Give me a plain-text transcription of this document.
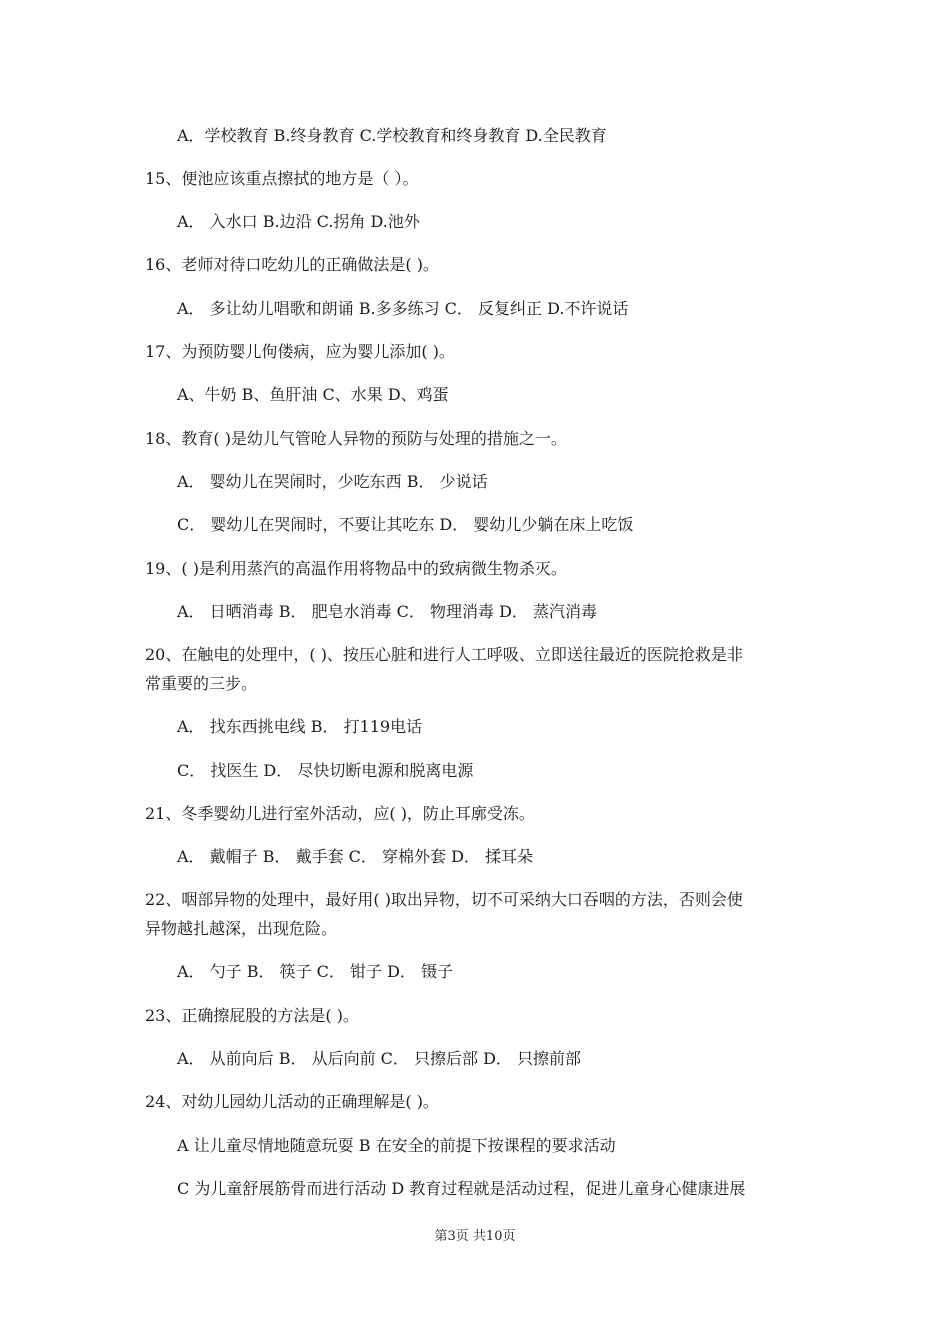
A．学校教育 B.终身教育 C.学校教育和终身教育 D.全民教育
15、便池应该重点擦拭的地方是（ ）。
A． 入水口 B.边沿 C.拐角 D.池外
16、老师对待口吃幼儿的正确做法是( )。
A． 多让幼儿唱歌和朗诵 B.多多练习 C． 反复纠正 D.不许说话
17、为预防婴儿佝偻病，应为婴儿添加( )。
A、牛奶 B、鱼肝油 C、水果 D、鸡蛋
18、教育( )是幼儿气管呛人异物的预防与处理的措施之一。
A． 婴幼儿在哭闹时，少吃东西 B． 少说话
C． 婴幼儿在哭闹时，不要让其吃东 D． 婴幼儿少躺在床上吃饭
19、( )是利用蒸汽的高温作用将物品中的致病微生物杀灭。
A． 日晒消毒 B． 肥皂水消毒 C． 物理消毒 D． 蒸汽消毒
20、在触电的处理中，( )、按压心脏和进行人工呼吸、立即送往最近的医院抢救是非
常重要的三步。
A． 找东西挑电线 B． 打119电话
C． 找医生 D． 尽快切断电源和脱离电源
21、冬季婴幼儿进行室外活动，应( )，防止耳廓受冻。
A． 戴帽子 B． 戴手套 C． 穿棉外套 D． 揉耳朵
22、咽部异物的处理中，最好用( )取出异物，切不可采纳大口吞咽的方法，否则会使
异物越扎越深，出现危险。
A． 勺子 B． 筷子 C． 钳子 D． 镊子
23、正确擦屁股的方法是( )。
A． 从前向后 B． 从后向前 C． 只擦后部 D． 只擦前部
24、对幼儿园幼儿活动的正确理解是( )。
A 让儿童尽情地随意玩耍 B 在安全的前提下按课程的要求活动
C 为儿童舒展筋骨而进行活动 D 教育过程就是活动过程，促进儿童身心健康进展
第3页 共10页
